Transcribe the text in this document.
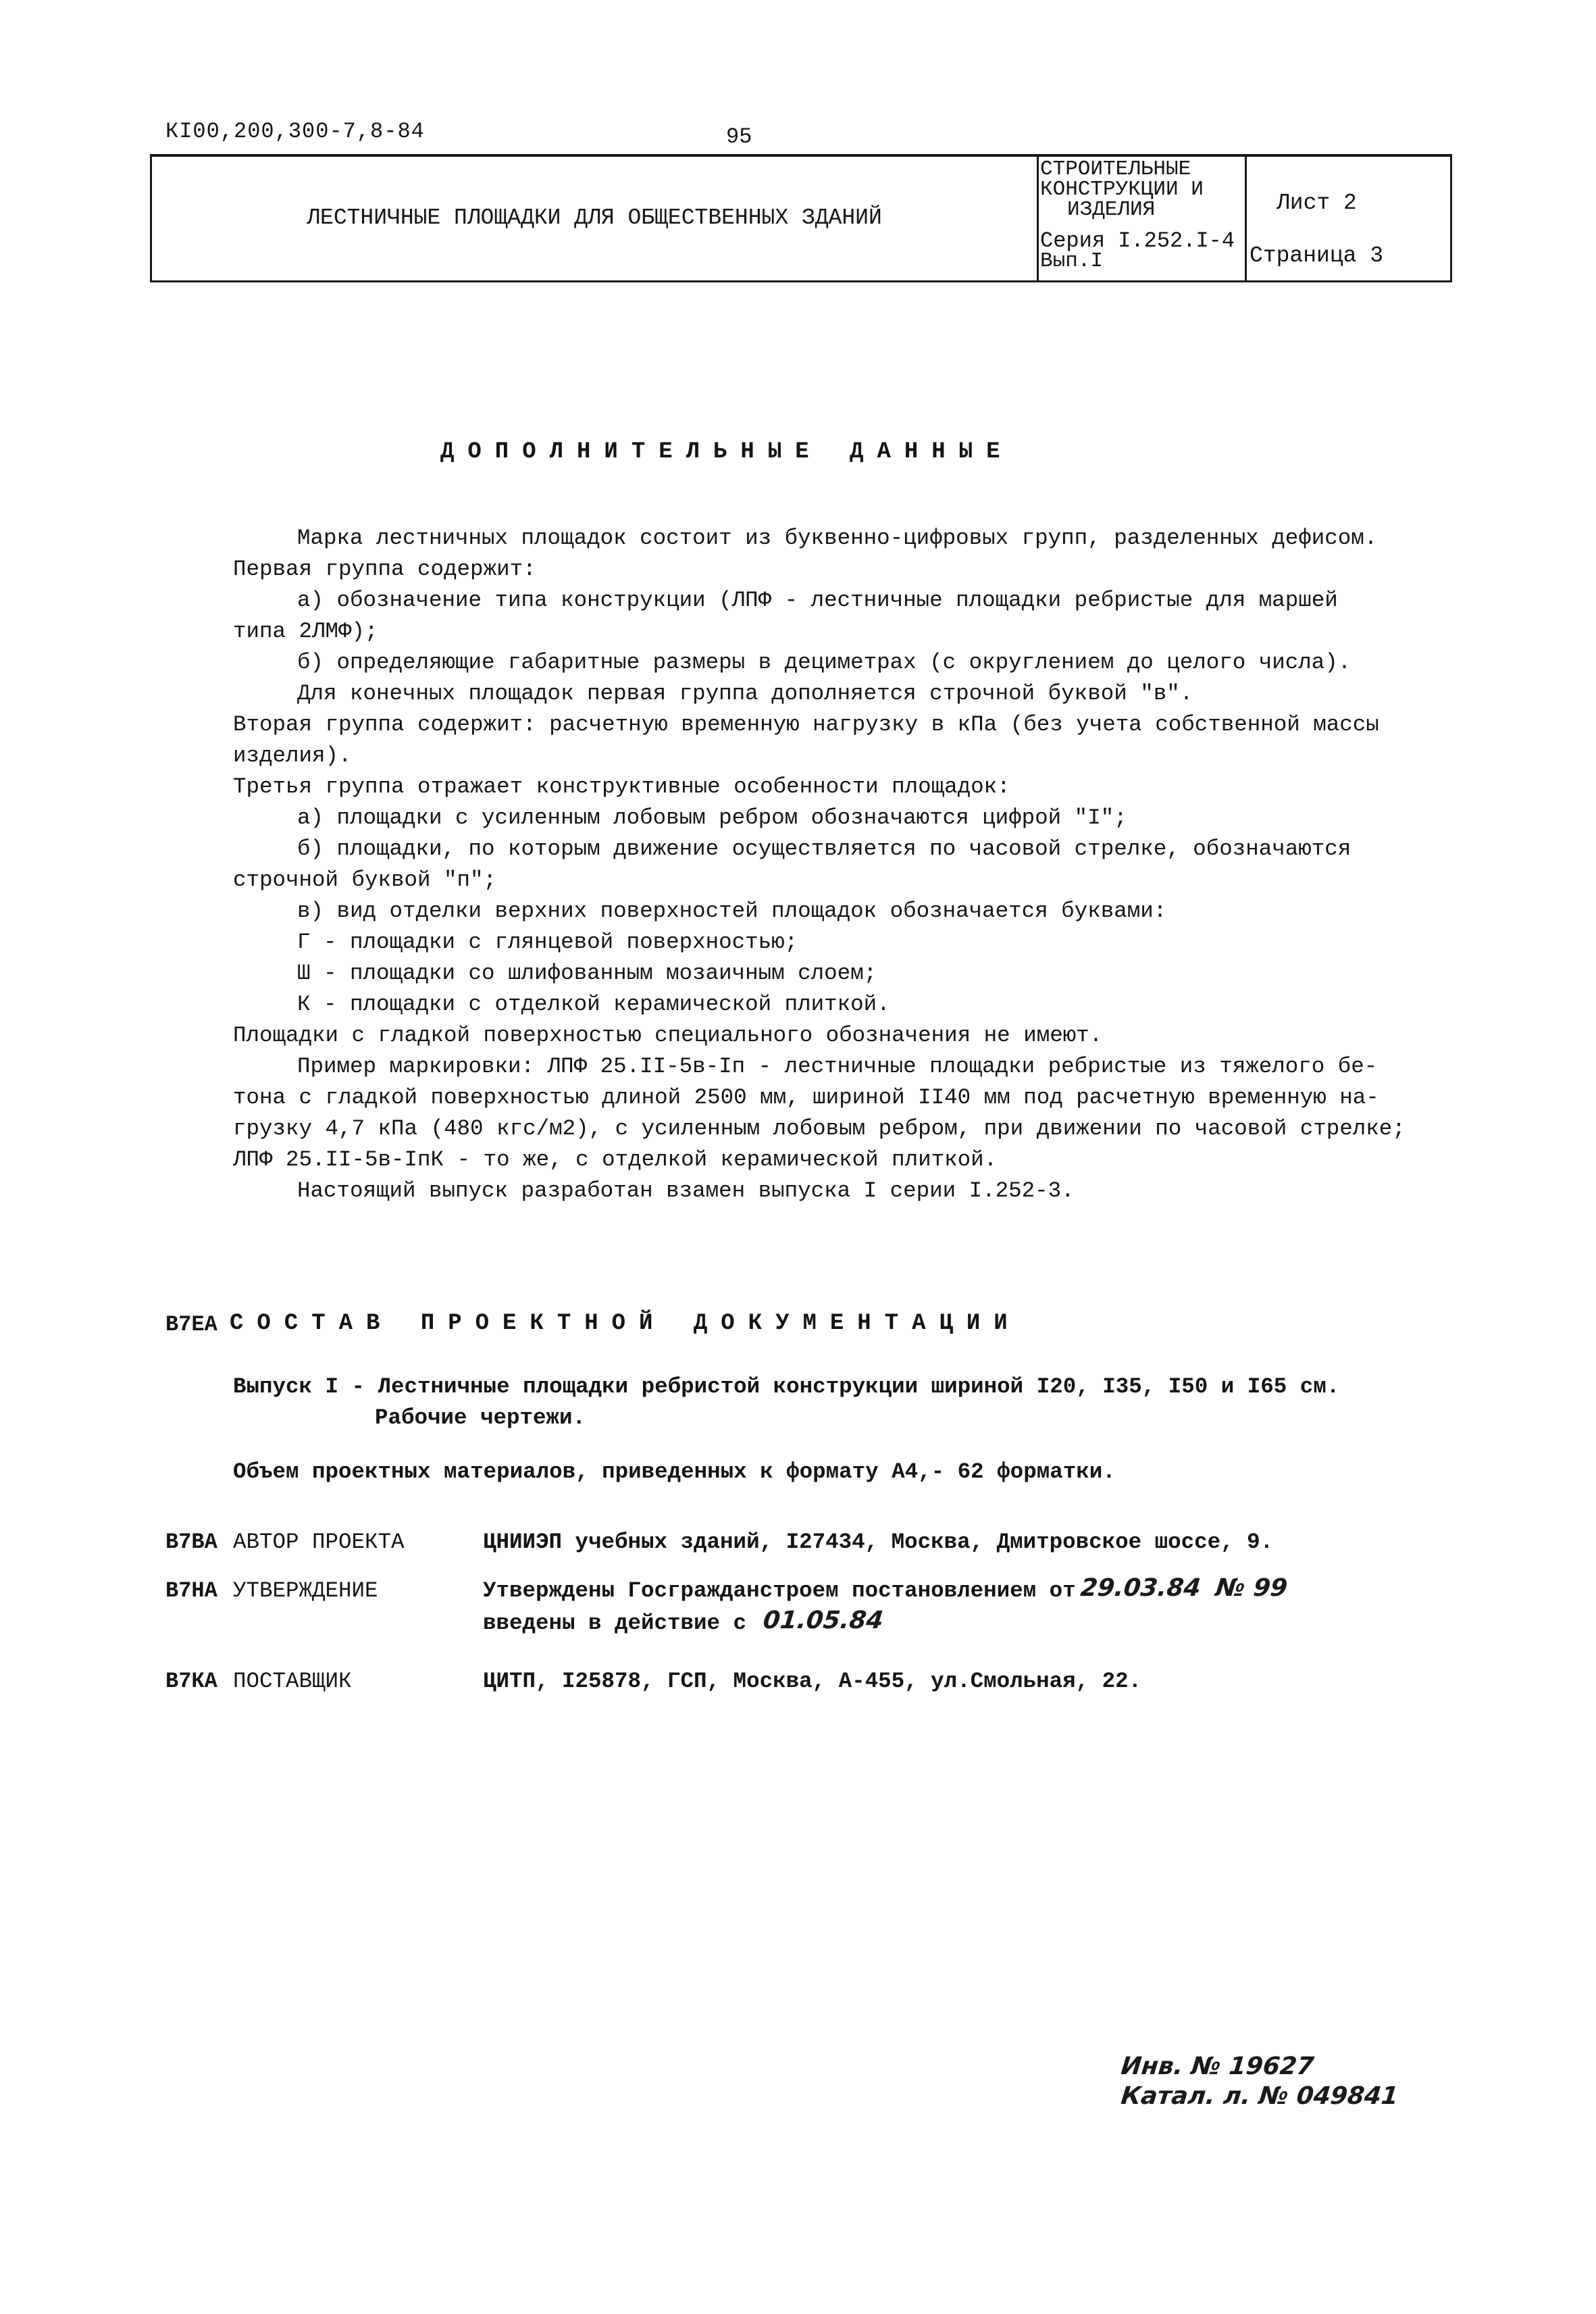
КI00,200,300-7,8-84	95
ЛЕСТНИЧНЫЕ ПЛОЩАДКИ ДЛЯ ОБЩЕСТВЕННЫХ ЗДАНИЙ
СТРОИТЕЛЬНЫЕ
КОНСТРУКЦИИ И
ИЗДЕЛИЯ
Серия I.252.I-4
Вып.I
Лист 2
Страница 3
ДОПОЛНИТЕЛЬНЫЕ ДАННЫЕ
Марка лестничных площадок состоит из буквенно-цифровых групп, разделенных дефисом.
Первая группа содержит:
а) обозначение типа конструкции (ЛПФ - лестничные площадки ребристые для маршей
типа 2ЛМФ);
б) определяющие габаритные размеры в дециметрах (с округлением до целого числа).
Для конечных площадок первая группа дополняется строчной буквой "в".
Вторая группа содержит: расчетную временную нагрузку в кПа (без учета собственной массы
изделия).
Третья группа отражает конструктивные особенности площадок:
а) площадки с усиленным лобовым ребром обозначаются цифрой "I";
б) площадки, по которым движение осуществляется по часовой стрелке, обозначаются
строчной буквой "п";
в) вид отделки верхних поверхностей площадок обозначается буквами:
Г - площадки с глянцевой поверхностью;
Ш - площадки со шлифованным мозаичным слоем;
К - площадки с отделкой керамической плиткой.
Площадки с гладкой поверхностью специального обозначения не имеют.
Пример маркировки: ЛПФ 25.II-5в-Iп - лестничные площадки ребристые из тяжелого бе-
тона с гладкой поверхностью длиной 2500 мм, шириной II40 мм под расчетную временную на-
грузку 4,7 кПа (480 кгс/м2), с усиленным лобовым ребром, при движении по часовой стрелке;
ЛПФ 25.II-5в-IпК - то же, с отделкой керамической плиткой.
Настоящий выпуск разработан взамен выпуска I серии I.252-3.
В7ЕА СОСТАВ ПРОЕКТНОЙ ДОКУМЕНТАЦИИ
Выпуск I - Лестничные площадки ребристой конструкции шириной I20, I35, I50 и I65 см.
Рабочие чертежи.
Объем проектных материалов, приведенных к формату А4,- 62 форматки.
В7ВА АВТОР ПРОЕКТА	ЦНИИЭП учебных зданий, I27434, Москва, Дмитровское шоссе, 9.
В7НА УТВЕРЖДЕНИЕ	Утверждены Госгражданстроем постановлением от 29.03.84 № 99
введены в действие с 01.05.84
В7КА ПОСТАВЩИК	ЦИТП, I25878, ГСП, Москва, А-455, ул.Смольная, 22.
Инв. № 19627
Катал. л. № 049841
